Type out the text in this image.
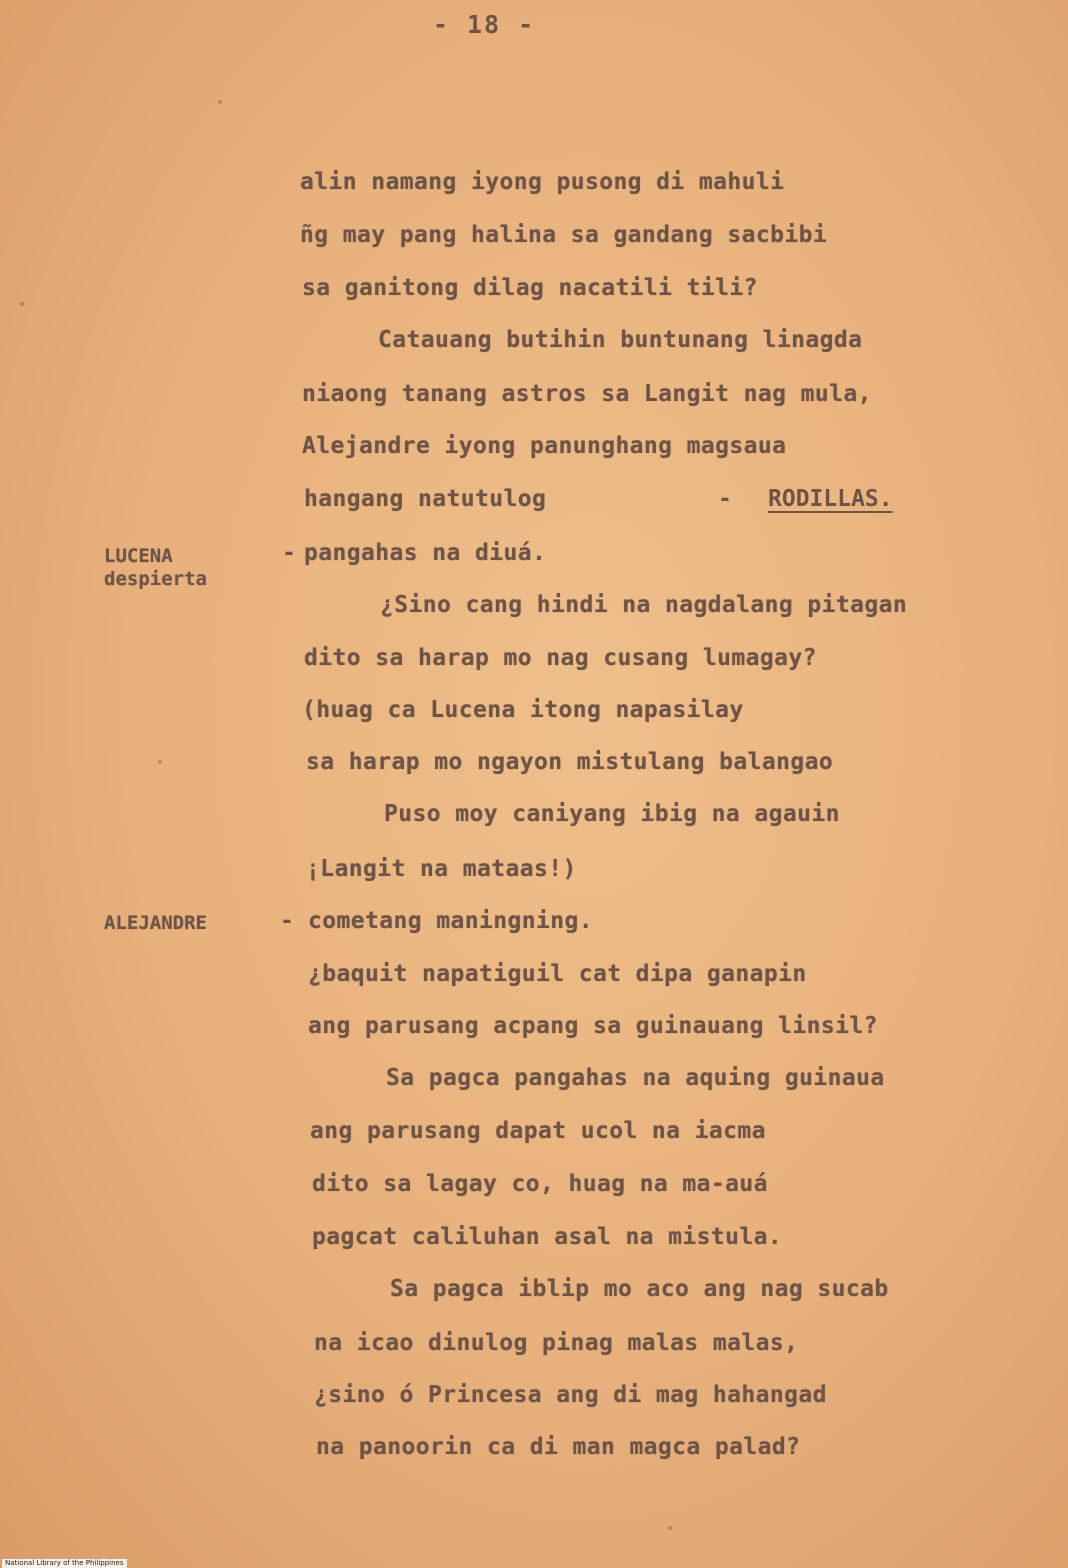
- 18 -
alin namang iyong pusong di mahuli
ñg may pang halina sa gandang sacbibi
sa ganitong dilag nacatili tili?
Catauang butihin buntunang linagda
niaong tanang astros sa Langit nag mula,
Alejandre iyong panunghang magsaua
hangang natutulog	- RODILLAS.
LUCENA
despierta
- pangahas na diuá.
¿Sino cang hindi na nagdalang pitagan
dito sa harap mo nag cusang lumagay?
(huag ca Lucena itong napasilay
sa harap mo ngayon mistulang balangao
Puso moy caniyang ibig na agauin
¡Langit na mataas!)
ALEJANDRE	- cometang maningning.
¿baquit napatiguil cat dipa ganapin
ang parusang acpang sa guinauang linsil?
Sa pagca pangahas na aquing guinaua
ang parusang dapat ucol na iacma
dito sa lagay co, huag na ma-auá
pagcat caliluhan asal na mistula.
Sa pagca iblip mo aco ang nag sucab
na icao dinulog pinag malas malas,
¿sino ó Princesa ang di mag hahangad
na panoorin ca di man magca palad?
National Library of the Philippines
